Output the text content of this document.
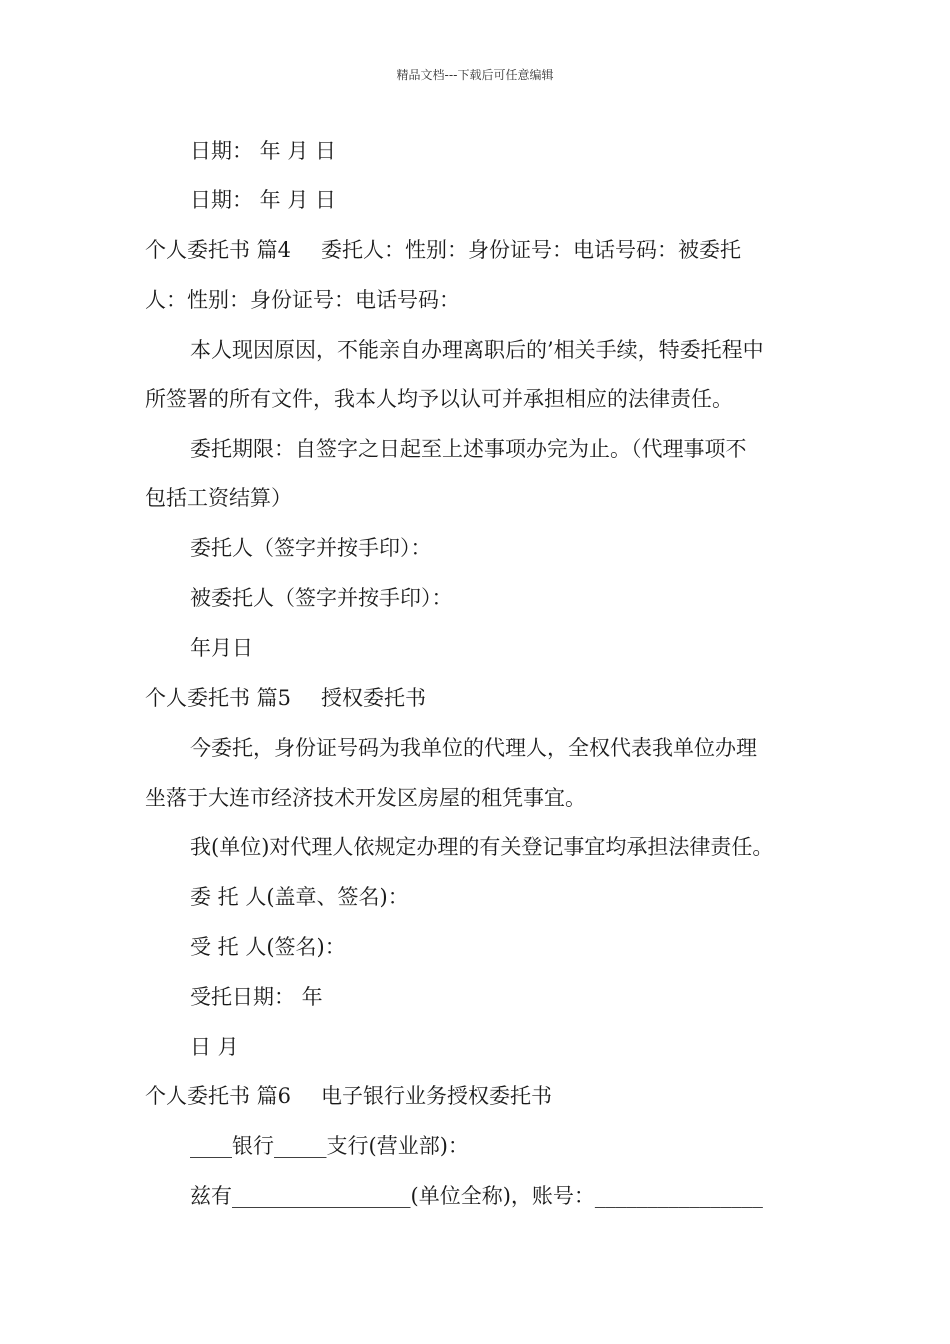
精品文档---下载后可任意编辑
日期： 年 月 日
日期： 年 月 日
个人委托书 篇4 委托人：性别：身份证号：电话号码：被委托
人：性别：身份证号：电话号码：
本人现因原因，不能亲自办理离职后的’相关手续，特委托程中
所签署的所有文件，我本人均予以认可并承担相应的法律责任。
委托期限：自签字之日起至上述事项办完为止。（代理事项不
包括工资结算）
委托人（签字并按手印）：
被委托人（签字并按手印）：
年月日
个人委托书 篇5 授权委托书
今委托，身份证号码为我单位的代理人，全权代表我单位办理
坐落于大连市经济技术开发区房屋的租凭事宜。
我(单位)对代理人依规定办理的有关登记事宜均承担法律责任。
委 托 人(盖章、签名)：
受 托 人(签名)：
受托日期： 年
日 月
个人委托书 篇6 电子银行业务授权委托书
____银行_____支行(营业部)：
兹有_________________(单位全称)，账号：________________
